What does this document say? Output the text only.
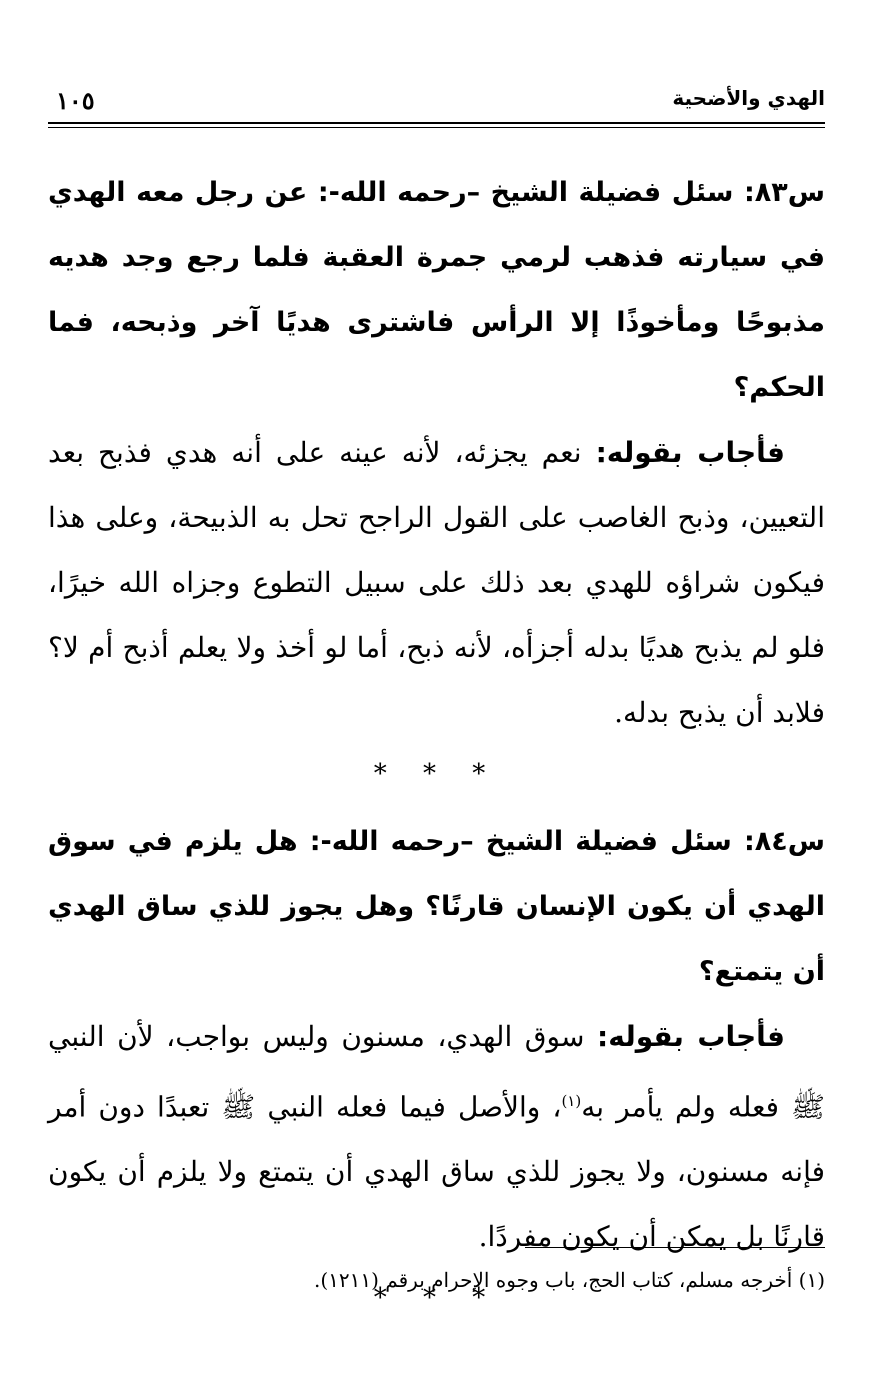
الهدي والأضحية
١٠٥

س٨٣: سئل فضيلة الشيخ –رحمه الله-: عن رجل معه الهدي في سيارته فذهب لرمي جمرة العقبة فلما رجع وجد هديه مذبوحًا ومأخوذًا إلا الرأس فاشترى هديًا آخر وذبحه، فما الحكم؟

فأجاب بقوله: نعم يجزئه، لأنه عينه على أنه هدي فذبح بعد التعيين، وذبح الغاصب على القول الراجح تحل به الذبيحة، وعلى هذا فيكون شراؤه للهدي بعد ذلك على سبيل التطوع وجزاه الله خيرًا، فلو لم يذبح هديًا بدله أجزأه، لأنه ذبح، أما لو أخذ ولا يعلم أذبح أم لا؟ فلابد أن يذبح بدله.

* * *

س٨٤: سئل فضيلة الشيخ –رحمه الله-: هل يلزم في سوق الهدي أن يكون الإنسان قارنًا؟ وهل يجوز للذي ساق الهدي أن يتمتع؟

فأجاب بقوله: سوق الهدي، مسنون وليس بواجب، لأن النبي ﷺ فعله ولم يأمر به$^{(١)}$، والأصل فيما فعله النبي ﷺ تعبدًا دون أمر فإنه مسنون، ولا يجوز للذي ساق الهدي أن يتمتع ولا يلزم أن يكون قارنًا بل يمكن أن يكون مفردًا.

* * *
(١) أخرجه مسلم، كتاب الحج، باب وجوه الإحرام برقم (١٢١١).
